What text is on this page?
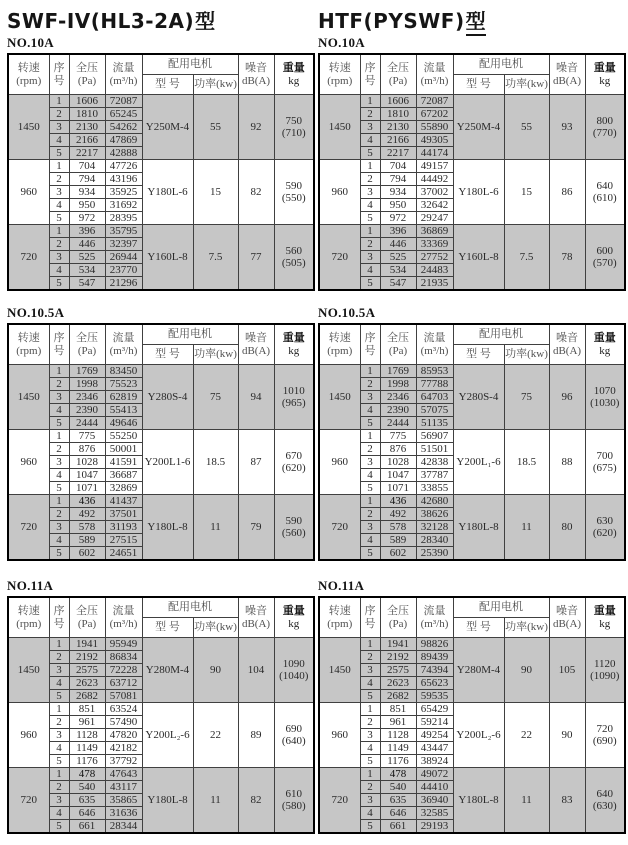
SWF-IV(HL3-2A)型
NO.10A
转速
(rpm)	序
号	全压
(Pa)	流量
(m³/h)	配用电机		噪音
dB(A)	重量
kg

				型 号	功率(kw)		
1450	1	1606	72087	Y250M-4	55	92	750
(710)

	2	1810	65245				
	3	2130	54262				
	4	2166	47869				
	5	2217	42888				
960	1	704	47726	Y180L-6	15	82	590
(550)

	2	794	43196				
	3	934	35925				
	4	950	31692				
	5	972	28395				
720	1	396	35795	Y160L-8	7.5	77	560
(505)

	2	446	32397				
	3	525	26944				
	4	534	23770				
	5	547	21296				
NO.10.5A
转速
(rpm)	序
号	全压
(Pa)	流量
(m³/h)	配用电机		噪音
dB(A)	重量
kg

				型 号	功率(kw)		
1450	1	1769	83450	Y280S-4	75	94	1010
(965)

	2	1998	75523				
	3	2346	62819				
	4	2390	55413				
	5	2444	49646				
960	1	775	55250	Y200L1-6	18.5	87	670
(620)

	2	876	50001				
	3	1028	41591				
	4	1047	36687				
	5	1071	32869				
720	1	436	41437	Y180L-8	11	79	590
(560)

	2	492	37501				
	3	578	31193				
	4	589	27515				
	5	602	24651				
NO.11A
转速
(rpm)	序
号	全压
(Pa)	流量
(m³/h)	配用电机		噪音
dB(A)	重量
kg

				型 号	功率(kw)		
1450	1	1941	95949	Y280M-4	90	104	1090
(1040)

	2	2192	86834				
	3	2575	72228				
	4	2623	63712				
	5	2682	57081				
960	1	851	63524	Y200L₂-6	22	89	690
(640)

	2	961	57490				
	3	1128	47820				
	4	1149	42182				
	5	1176	37792				
720	1	478	47643	Y180L-8	11	82	610
(580)

	2	540	43117				
	3	635	35865				
	4	646	31636				
	5	661	28344				
HTF(PYSWF)型
NO.10A
转速
(rpm)	序
号	全压
(Pa)	流量
(m³/h)	配用电机		噪音
dB(A)	重量
kg

				型 号	功率(kw)		
1450	1	1606	72087	Y250M-4	55	93	800
(770)

	2	1810	67202				
	3	2130	55890				
	4	2166	49305				
	5	2217	44174				
960	1	704	49157	Y180L-6	15	86	640
(610)

	2	794	44492				
	3	934	37002				
	4	950	32642				
	5	972	29247				
720	1	396	36869	Y160L-8	7.5	78	600
(570)

	2	446	33369				
	3	525	27752				
	4	534	24483				
	5	547	21935				
NO.10.5A
转速
(rpm)	序
号	全压
(Pa)	流量
(m³/h)	配用电机		噪音
dB(A)	重量
kg

				型 号	功率(kw)		
1450	1	1769	85953	Y280S-4	75	96	1070
(1030)

	2	1998	77788				
	3	2346	64703				
	4	2390	57075				
	5	2444	51135				
960	1	775	56907	Y200L₁-6	18.5	88	700
(675)

	2	876	51501				
	3	1028	42838				
	4	1047	37787				
	5	1071	33855				
720	1	436	42680	Y180L-8	11	80	630
(620)

	2	492	38626				
	3	578	32128				
	4	589	28340				
	5	602	25390				
NO.11A
转速
(rpm)	序
号	全压
(Pa)	流量
(m³/h)	配用电机		噪音
dB(A)	重量
kg

				型 号	功率(kw)		
1450	1	1941	98826	Y280M-4	90	105	1120
(1090)

	2	2192	89439				
	3	2575	74394				
	4	2623	65623				
	5	2682	59535				
960	1	851	65429	Y200L₂-6	22	90	720
(690)

	2	961	59214				
	3	1128	49254				
	4	1149	43447				
	5	1176	38924				
720	1	478	49072	Y180L-8	11	83	640
(630)

	2	540	44410				
	3	635	36940				
	4	646	32585				
	5	661	29193				
